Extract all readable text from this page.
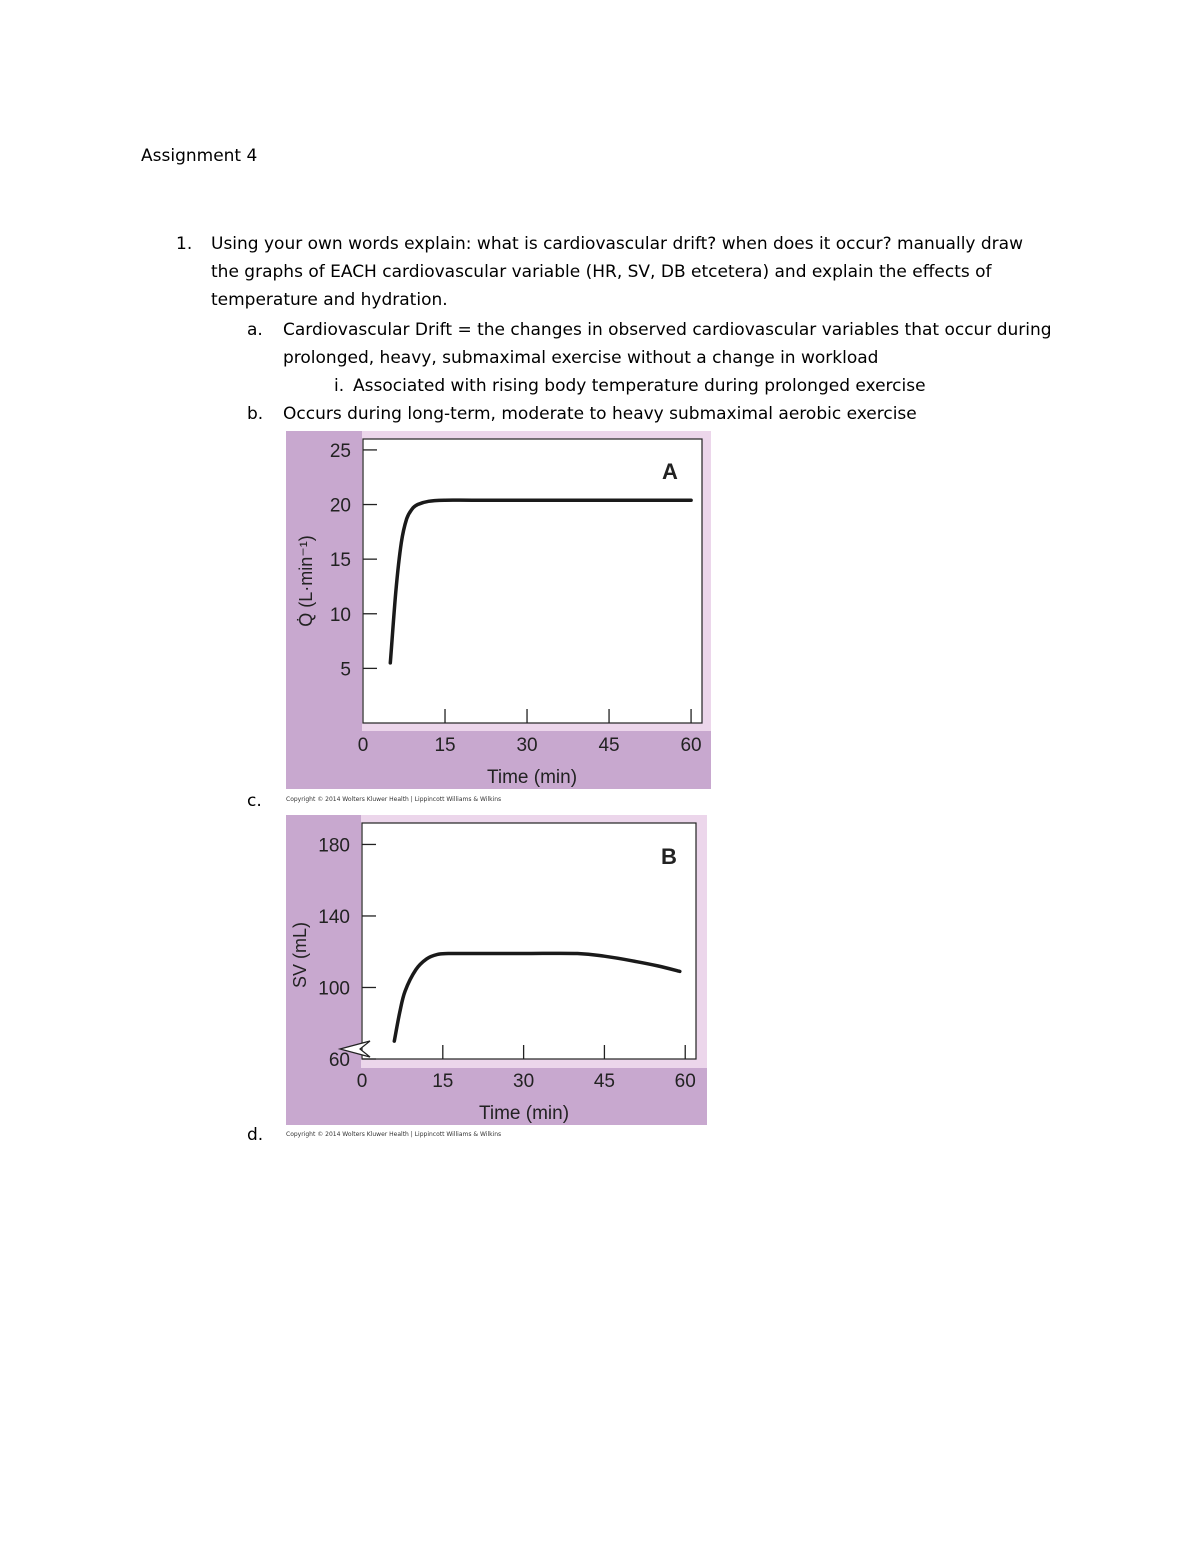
Assignment 4
1. Using your own words explain: what is cardiovascular drift? when does it occur? manually draw
the graphs of EACH cardiovascular variable (HR, SV, DB etcetera) and explain the effects of
temperature and hydration.
a. Cardiovascular Drift = the changes in observed cardiovascular variables that occur during
prolonged, heavy, submaximal exercise without a change in workload
i. Associated with rising body temperature during prolonged exercise
b. Occurs during long-term, moderate to heavy submaximal aerobic exercise
c.
d.
5
10
15
20
25
0	15	30	45	60
A
Time (min)
Q̇ (L·min⁻¹)
Copyright © 2014 Wolters Kluwer Health | Lippincott Williams & Wilkins
60
100
140
180
0	15	30	45	60
B
Time (min)
SV (mL)
Copyright © 2014 Wolters Kluwer Health | Lippincott Williams & Wilkins
